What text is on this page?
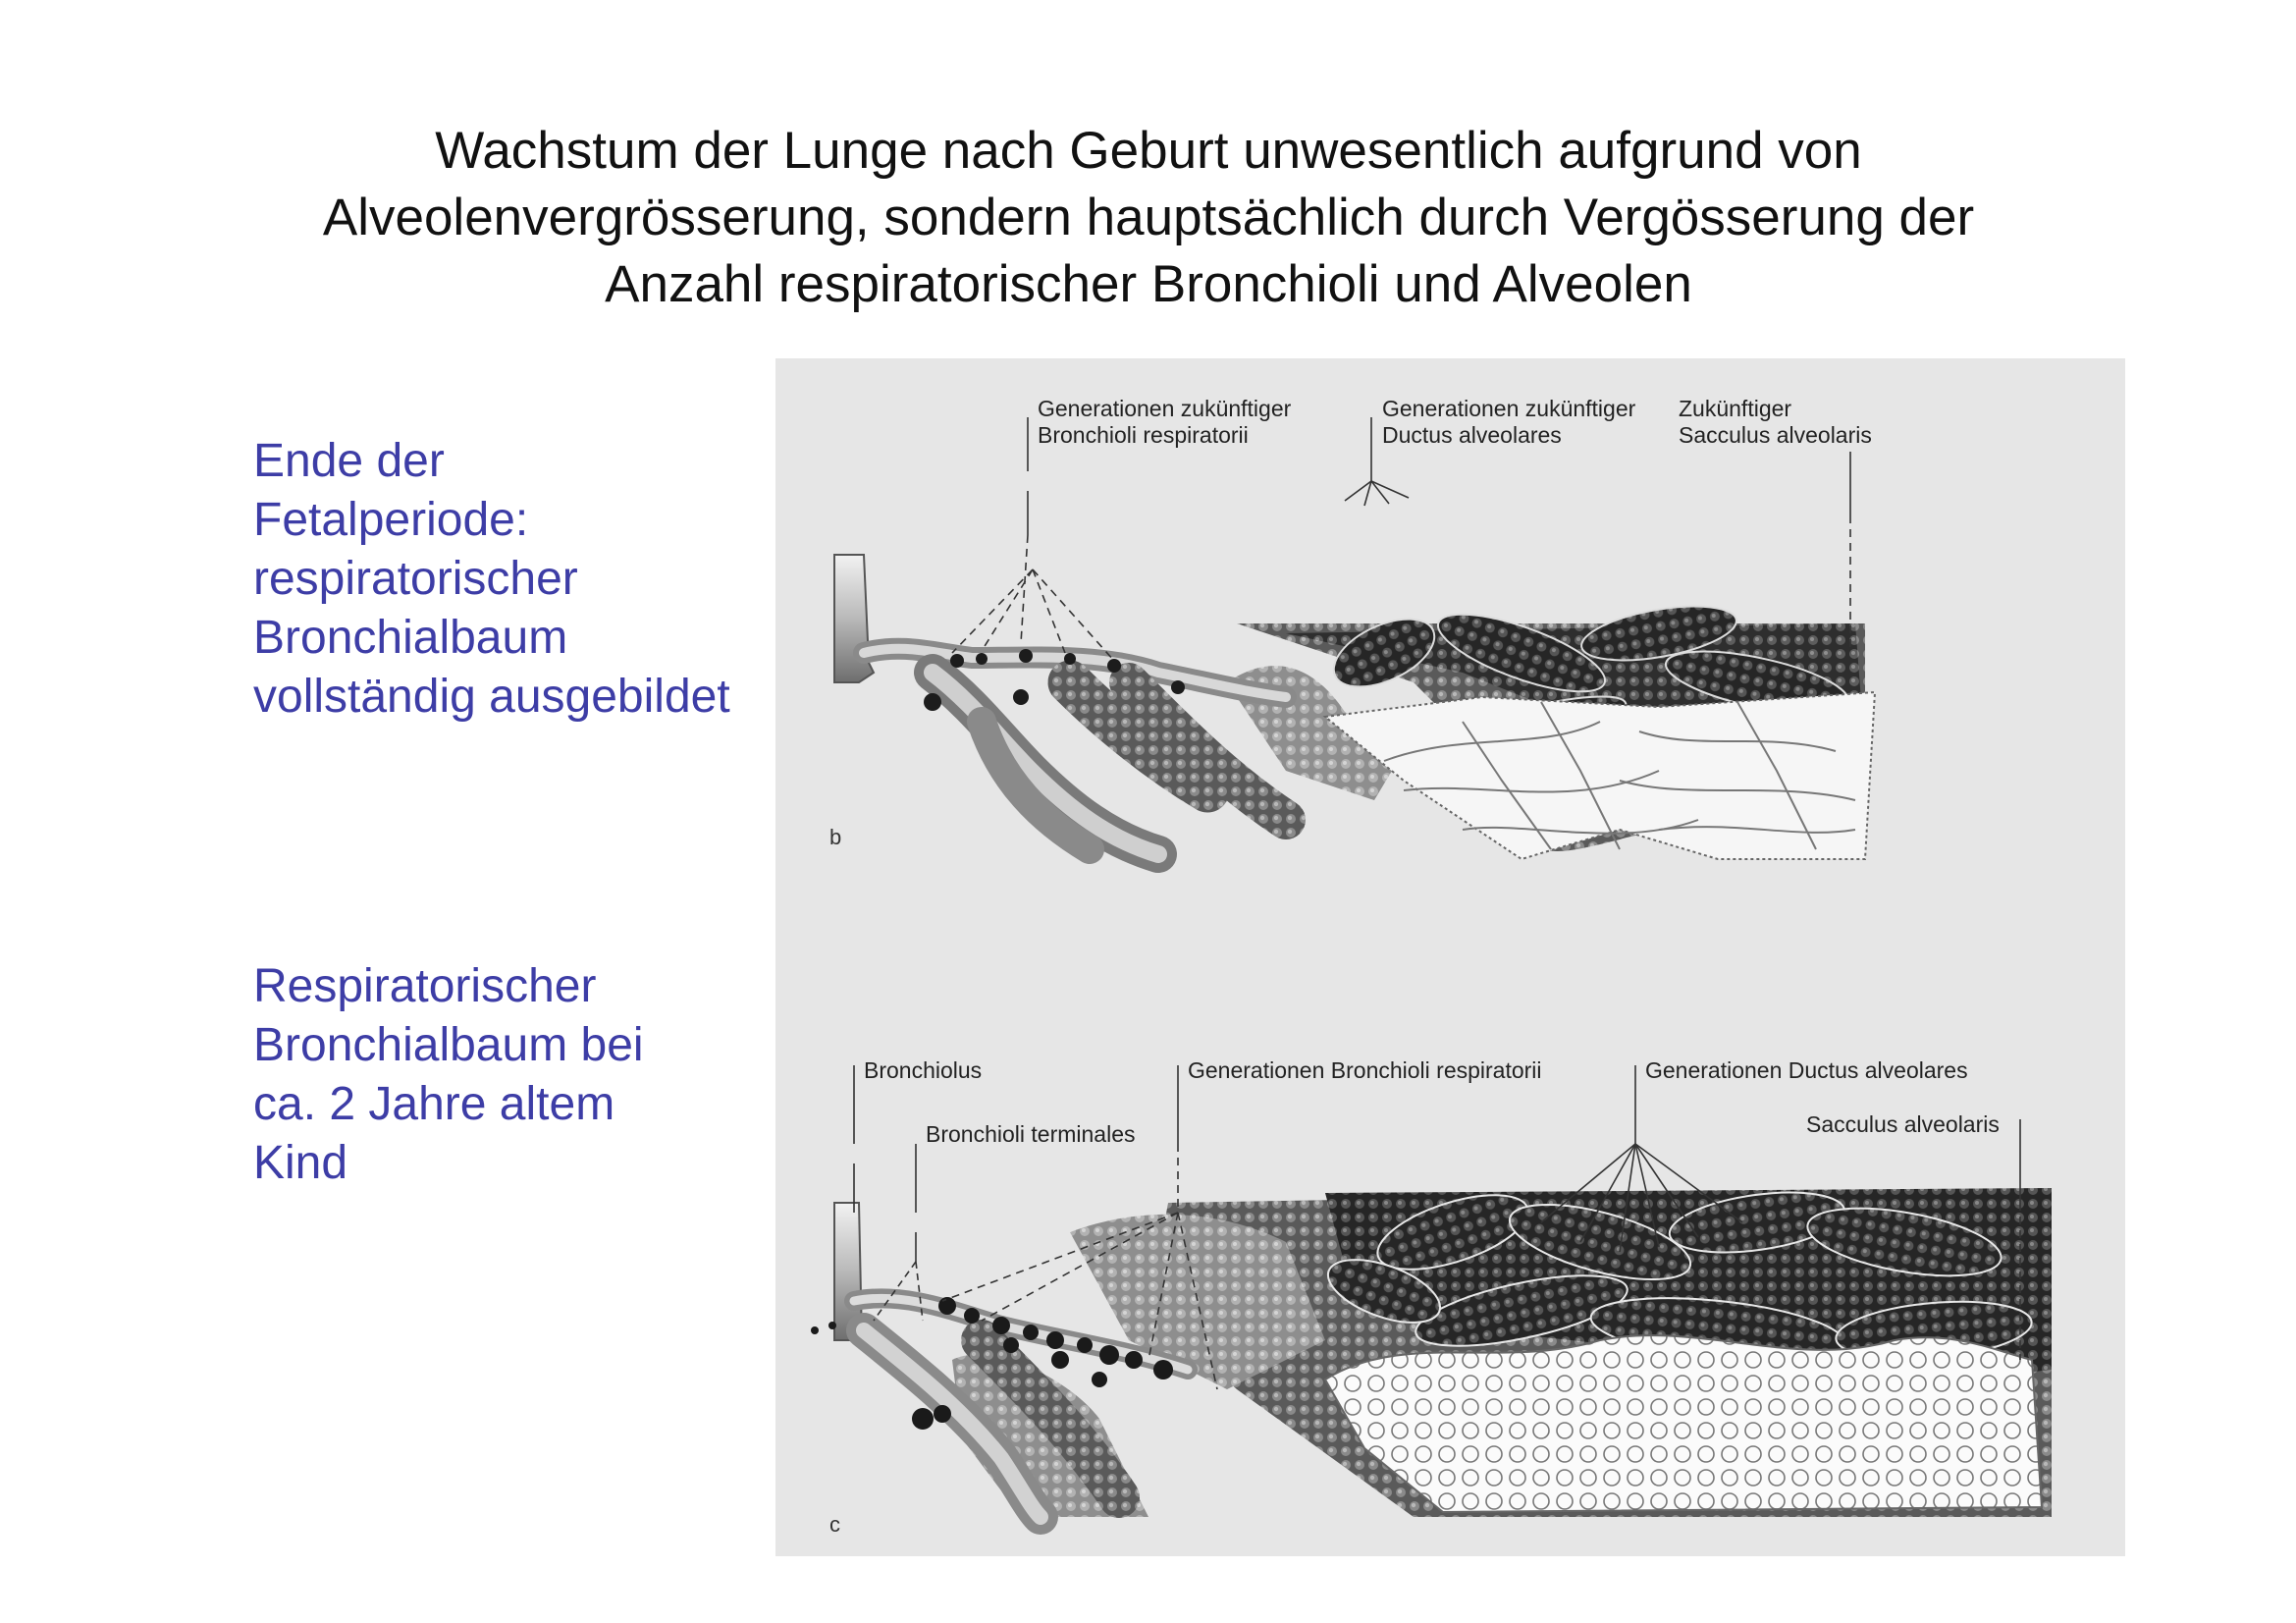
Wachstum der Lunge nach Geburt unwesentlich aufgrund von
Alveolenvergrösserung, sondern hauptsächlich durch Vergösserung der
Anzahl respiratorischer Bronchioli und Alveolen
Ende der
Fetalperiode:
respiratorischer
Bronchialbaum
vollständig ausgebildet
Respiratorischer
Bronchialbaum bei
ca. 2 Jahre altem
Kind
Generationen zukünftiger
Bronchioli respiratorii
Generationen zukünftiger
Ductus alveolares
Zukünftiger
Sacculus alveolaris
b
Bronchiolus
Bronchioli terminales
Generationen Bronchioli respiratorii	Generationen Ductus alveolares
Sacculus alveolaris
c
